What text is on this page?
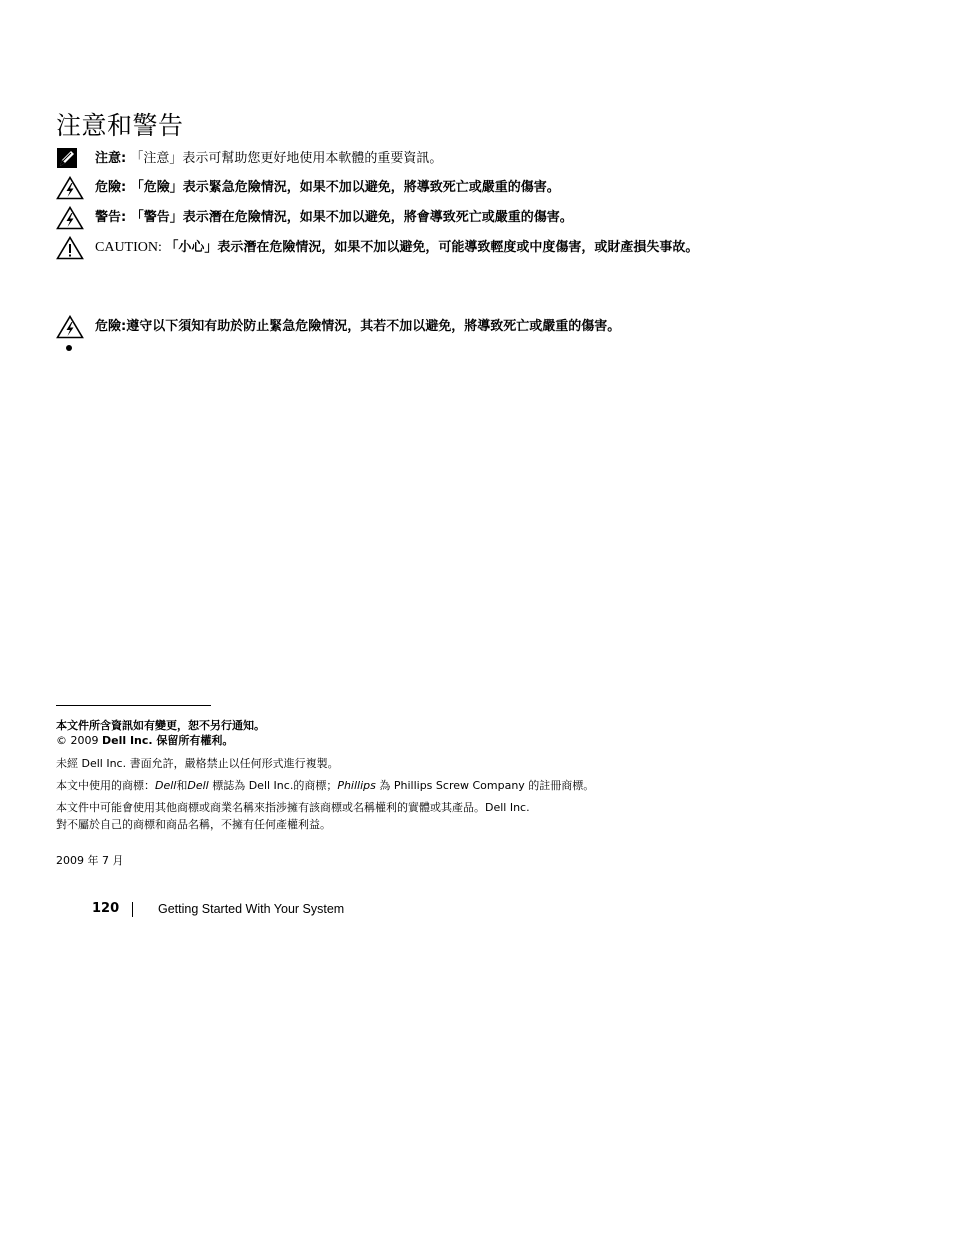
注意和警告
注意: 「注意」表示可幫助您更好地使用本軟體的重要資訊。
危險: 「危險」表示緊急危險情況，如果不加以避免，將導致死亡或嚴重的傷害。
警告: 「警告」表示潛在危險情況，如果不加以避免，將會導致死亡或嚴重的傷害。
CAUTION: 「小心」表示潛在危險情況，如果不加以避免，可能導致輕度或中度傷害，或財產損失事故。
危險:遵守以下須知有助於防止緊急危險情況，其若不加以避免，將導致死亡或嚴重的傷害。
本文件所含資訊如有變更，恕不另行通知。
© 2009 Dell Inc. 保留所有權利。
未經 Dell Inc. 書面允許，嚴格禁止以任何形式進行複製。
本文中使用的商標：Dell和Dell 標誌為 Dell Inc.的商標；Phillips 為 Phillips Screw Company 的註冊商標。
本文件中可能會使用其他商標或商業名稱來指涉擁有該商標或名稱權利的實體或其產品。Dell Inc.
對不屬於自己的商標和商品名稱，不擁有任何產權利益。
2009 年 7 月
120	Getting Started With Your System
